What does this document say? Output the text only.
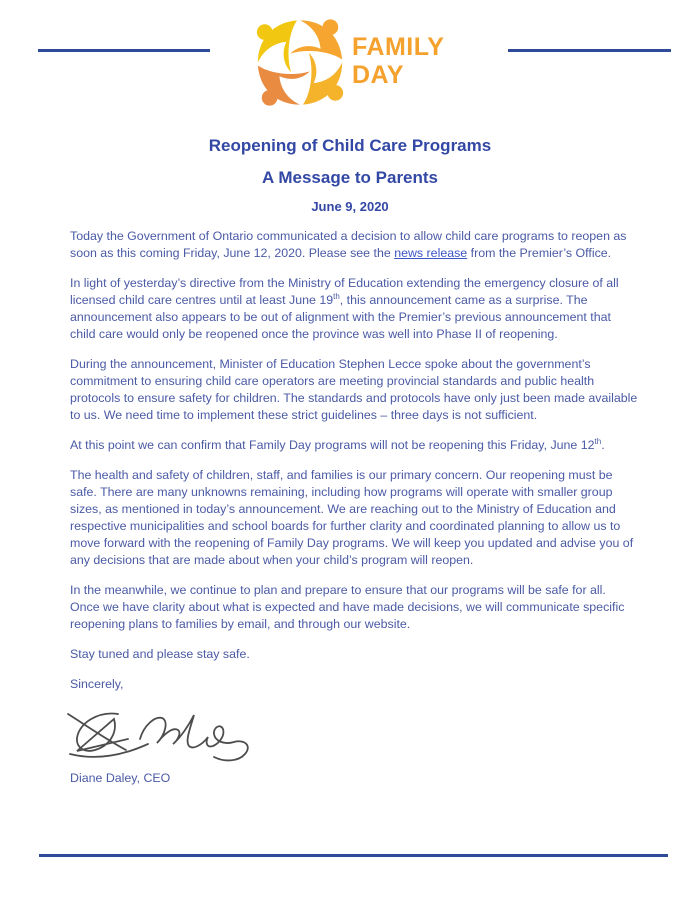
FAMILY
DAY
Reopening of Child Care Programs
A Message to Parents
June 9, 2020

Today the Government of Ontario communicated a decision to allow child care programs to reopen as soon as this coming Friday, June 12, 2020. Please see the news release from the Premier’s Office.

In light of yesterday’s directive from the Ministry of Education extending the emergency closure of all licensed child care centres until at least June 19th, this announcement came as a surprise. The announcement also appears to be out of alignment with the Premier’s previous announcement that child care would only be reopened once the province was well into Phase II of reopening.

During the announcement, Minister of Education Stephen Lecce spoke about the government’s commitment to ensuring child care operators are meeting provincial standards and public health protocols to ensure safety for children. The standards and protocols have only just been made available to us. We need time to implement these strict guidelines – three days is not sufficient.

At this point we can confirm that Family Day programs will not be reopening this Friday, June 12th.

The health and safety of children, staff, and families is our primary concern. Our reopening must be safe. There are many unknowns remaining, including how programs will operate with smaller group sizes, as mentioned in today’s announcement. We are reaching out to the Ministry of Education and respective municipalities and school boards for further clarity and coordinated planning to allow us to move forward with the reopening of Family Day programs. We will keep you updated and advise you of any decisions that are made about when your child’s program will reopen.

In the meanwhile, we continue to plan and prepare to ensure that our programs will be safe for all. Once we have clarity about what is expected and have made decisions, we will communicate specific reopening plans to families by email, and through our website.

Stay tuned and please stay safe.

Sincerely,

Diane Daley, CEO
